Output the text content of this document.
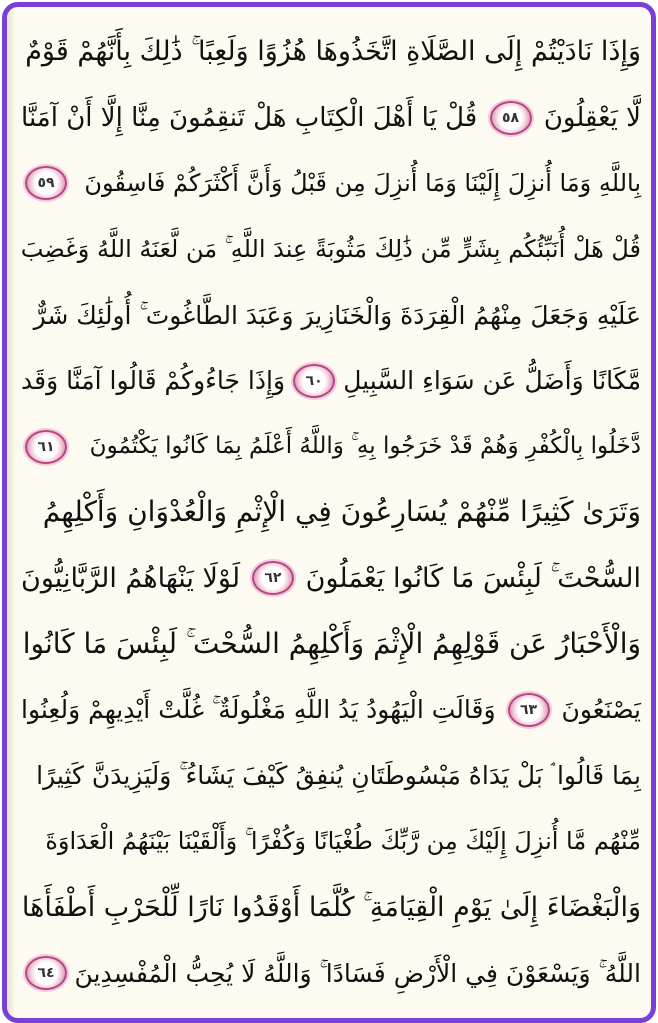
وَإِذَا نَادَيْتُمْ إِلَى الصَّلَاةِ اتَّخَذُوهَا هُزُوًا وَلَعِبًا ۚ ذَٰلِكَ بِأَنَّهُمْ قَوْمٌ
لَّا يَعْقِلُونَ
٥٨
قُلْ يَا أَهْلَ الْكِتَابِ هَلْ تَنقِمُونَ مِنَّا إِلَّا أَنْ آمَنَّا
بِاللَّهِ وَمَا أُنزِلَ إِلَيْنَا وَمَا أُنزِلَ مِن قَبْلُ وَأَنَّ أَكْثَرَكُمْ فَاسِقُونَ
٥٩
قُلْ هَلْ أُنَبِّئُكُم بِشَرٍّ مِّن ذَٰلِكَ مَثُوبَةً عِندَ اللَّهِ ۚ مَن لَّعَنَهُ اللَّهُ وَغَضِبَ
عَلَيْهِ وَجَعَلَ مِنْهُمُ الْقِرَدَةَ وَالْخَنَازِيرَ وَعَبَدَ الطَّاغُوتَ ۚ أُولَٰئِكَ شَرٌّ
مَّكَانًا وَأَضَلُّ عَن سَوَاءِ السَّبِيلِ
٦٠
وَإِذَا جَاءُوكُمْ قَالُوا آمَنَّا وَقَد
دَّخَلُوا بِالْكُفْرِ وَهُمْ قَدْ خَرَجُوا بِهِ ۚ وَاللَّهُ أَعْلَمُ بِمَا كَانُوا يَكْتُمُونَ
٦١
وَتَرَىٰ كَثِيرًا مِّنْهُمْ يُسَارِعُونَ فِي الْإِثْمِ وَالْعُدْوَانِ وَأَكْلِهِمُ
السُّحْتَ ۚ لَبِئْسَ مَا كَانُوا يَعْمَلُونَ
٦٢
لَوْلَا يَنْهَاهُمُ الرَّبَّانِيُّونَ
وَالْأَحْبَارُ عَن قَوْلِهِمُ الْإِثْمَ وَأَكْلِهِمُ السُّحْتَ ۚ لَبِئْسَ مَا كَانُوا
يَصْنَعُونَ
٦٣
وَقَالَتِ الْيَهُودُ يَدُ اللَّهِ مَغْلُولَةٌ ۚ غُلَّتْ أَيْدِيهِمْ وَلُعِنُوا
بِمَا قَالُوا ۘ بَلْ يَدَاهُ مَبْسُوطَتَانِ يُنفِقُ كَيْفَ يَشَاءُ ۚ وَلَيَزِيدَنَّ كَثِيرًا
مِّنْهُم مَّا أُنزِلَ إِلَيْكَ مِن رَّبِّكَ طُغْيَانًا وَكُفْرًا ۚ وَأَلْقَيْنَا بَيْنَهُمُ الْعَدَاوَةَ
وَالْبَغْضَاءَ إِلَىٰ يَوْمِ الْقِيَامَةِ ۚ كُلَّمَا أَوْقَدُوا نَارًا لِّلْحَرْبِ أَطْفَأَهَا
اللَّهُ ۚ وَيَسْعَوْنَ فِي الْأَرْضِ فَسَادًا ۚ وَاللَّهُ لَا يُحِبُّ الْمُفْسِدِينَ
٦٤
